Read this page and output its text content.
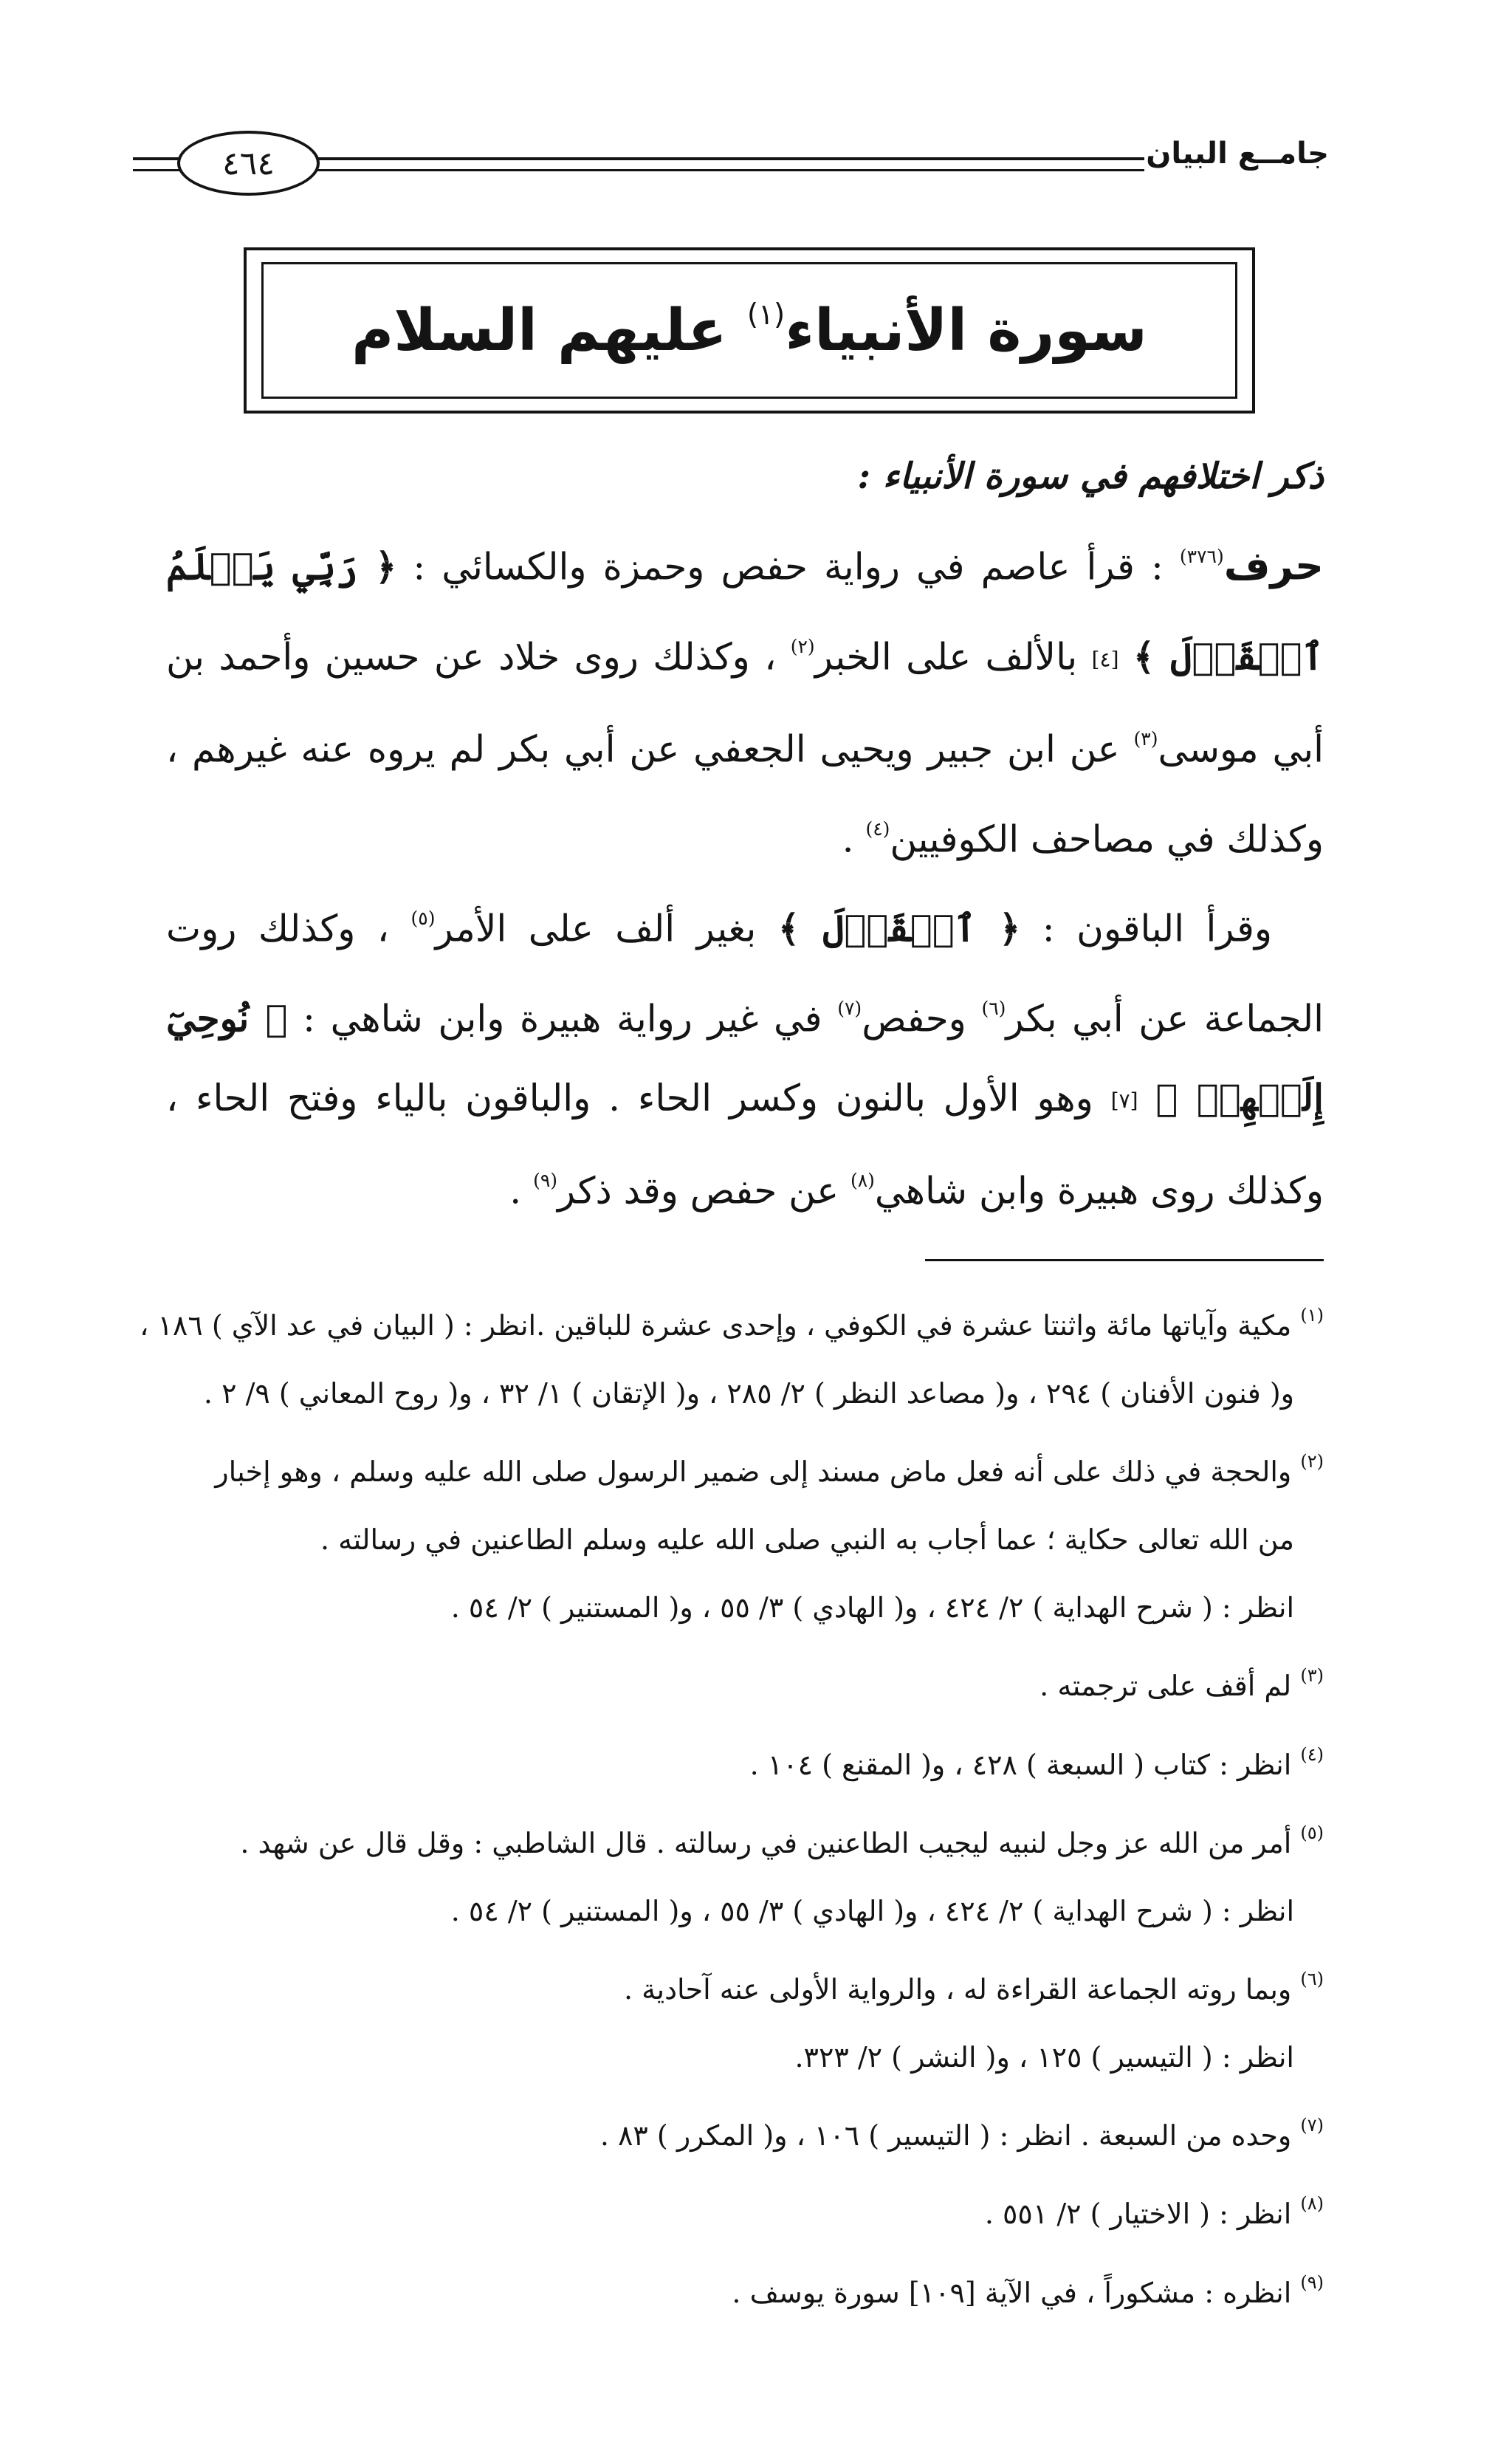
جامــع البيان
٤٦٤
سورة الأنبياء$^{(١)}$ عليهم السلام
ذكر اختلافهم في سورة الأنبياء :

حرف$^{(٣٧٦)}$ : قرأ عاصم في رواية حفص وحمزة والكسائي : ﴿ رَبِّي يَعۡلَمُ ٱلۡقَوۡلَ ﴾ [٤] بالألف على الخبر$^{(٢)}$ ، وكذلك روى خلاد عن حسين وأحمد بن أبي موسى$^{(٣)}$ عن ابن جبير ويحيى الجعفي عن أبي بكر لم يروه عنه غيرهم ، وكذلك في مصاحف الكوفيين$^{(٤)}$ .

وقرأ الباقون : ﴿ ٱلۡقَوۡلَ ﴾ بغير ألف على الأمر$^{(٥)}$ ، وكذلك روت الجماعة عن أبي بكر$^{(٦)}$ وحفص$^{(٧)}$ في غير رواية هبيرة وابن شاهي : ﴿ نُوحِيٓ إِلَيۡهِمۡ ﴾ [٧] وهو الأول بالنون وكسر الحاء . والباقون بالياء وفتح الحاء ، وكذلك روى هبيرة وابن شاهي$^{(٨)}$ عن حفص وقد ذكر$^{(٩)}$ .

$^{(١)}$ مكية وآياتها مائة واثنتا عشرة في الكوفي ، وإحدى عشرة للباقين .انظر : ( البيان في عد الآي ) ١٨٦ ،

و( فنون الأفنان ) ٢٩٤ ، و( مصاعد النظر ) ٢/ ٢٨٥ ، و( الإتقان ) ١/ ٣٢ ، و( روح المعاني ) ٩/ ٢ .

$^{(٢)}$ والحجة في ذلك على أنه فعل ماض مسند إلى ضمير الرسول صلى الله عليه وسلم ، وهو إخبار

من الله تعالى حكاية ؛ عما أجاب به النبي صلى الله عليه وسلم الطاعنين في رسالته .

انظر : ( شرح الهداية ) ٢/ ٤٢٤ ، و( الهادي ) ٣/ ٥٥ ، و( المستنير ) ٢/ ٥٤ .

$^{(٣)}$ لم أقف على ترجمته .

$^{(٤)}$ انظر : كتاب ( السبعة ) ٤٢٨ ، و( المقنع ) ١٠٤ .

$^{(٥)}$ أمر من الله عز وجل لنبيه ليجيب الطاعنين في رسالته . قال الشاطبي : وقل قال عن شهد .

انظر : ( شرح الهداية ) ٢/ ٤٢٤ ، و( الهادي ) ٣/ ٥٥ ، و( المستنير ) ٢/ ٥٤ .

$^{(٦)}$ وبما روته الجماعة القراءة له ، والرواية الأولى عنه آحادية .

انظر : ( التيسير ) ١٢٥ ، و( النشر ) ٢/ ٣٢٣.

$^{(٧)}$ وحده من السبعة . انظر : ( التيسير ) ١٠٦ ، و( المكرر ) ٨٣ .

$^{(٨)}$ انظر : ( الاختيار ) ٢/ ٥٥١ .

$^{(٩)}$ انظره : مشكوراً ، في الآية [١٠٩] سورة يوسف .
